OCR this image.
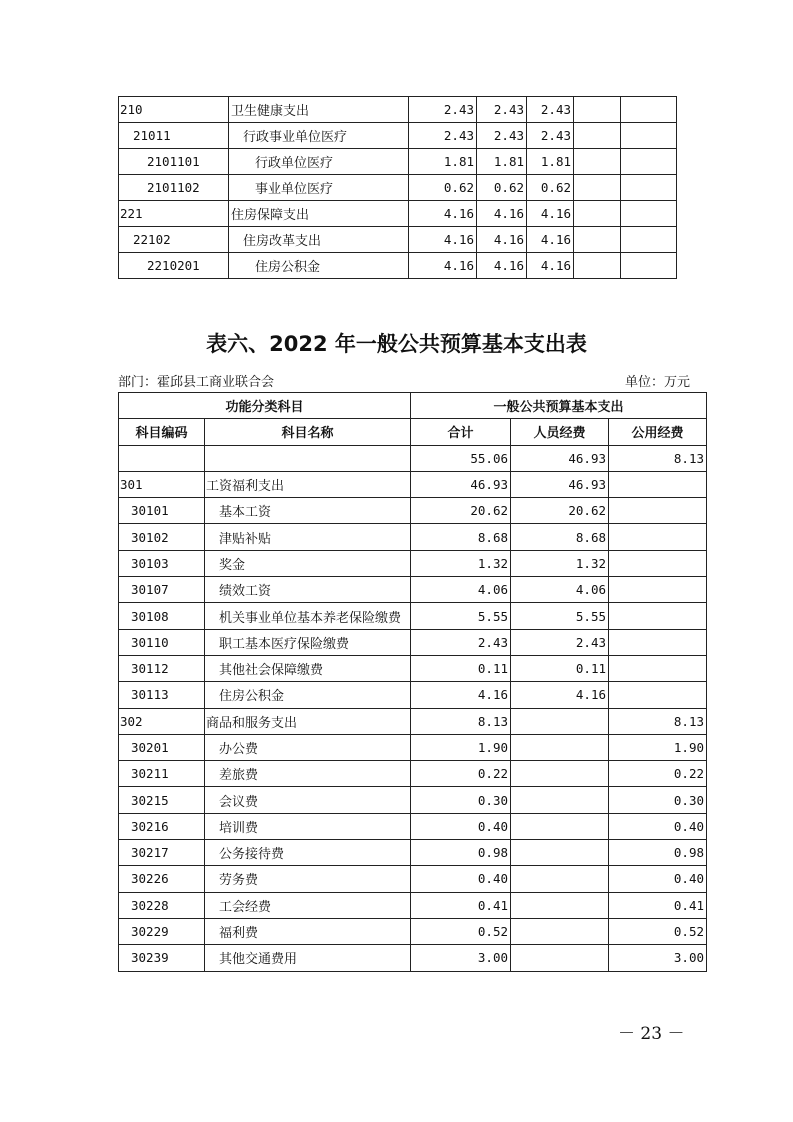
210	卫生健康支出	2.43	2.43	2.43		
21011	行政事业单位医疗	2.43	2.43	2.43		
2101101	行政单位医疗	1.81	1.81	1.81		
2101102	事业单位医疗	0.62	0.62	0.62		
221	住房保障支出	4.16	4.16	4.16		
22102	住房改革支出	4.16	4.16	4.16		
2210201	住房公积金	4.16	4.16	4.16		
表六、2022 年一般公共预算基本支出表
部门：霍邱县工商业联合会	单位：万元
功能分类科目		一般公共预算基本支出		
科目编码	科目名称	合计	人员经费	公用经费
		55.06	46.93	8.13
301	工资福利支出	46.93	46.93	
30101	基本工资	20.62	20.62	
30102	津贴补贴	8.68	8.68	
30103	奖金	1.32	1.32	
30107	绩效工资	4.06	4.06	
30108	机关事业单位基本养老保险缴费	5.55	5.55	
30110	职工基本医疗保险缴费	2.43	2.43	
30112	其他社会保障缴费	0.11	0.11	
30113	住房公积金	4.16	4.16	
302	商品和服务支出	8.13		8.13
30201	办公费	1.90		1.90
30211	差旅费	0.22		0.22
30215	会议费	0.30		0.30
30216	培训费	0.40		0.40
30217	公务接待费	0.98		0.98
30226	劳务费	0.40		0.40
30228	工会经费	0.41		0.41
30229	福利费	0.52		0.52
30239	其他交通费用	3.00		3.00
－ 23 －
